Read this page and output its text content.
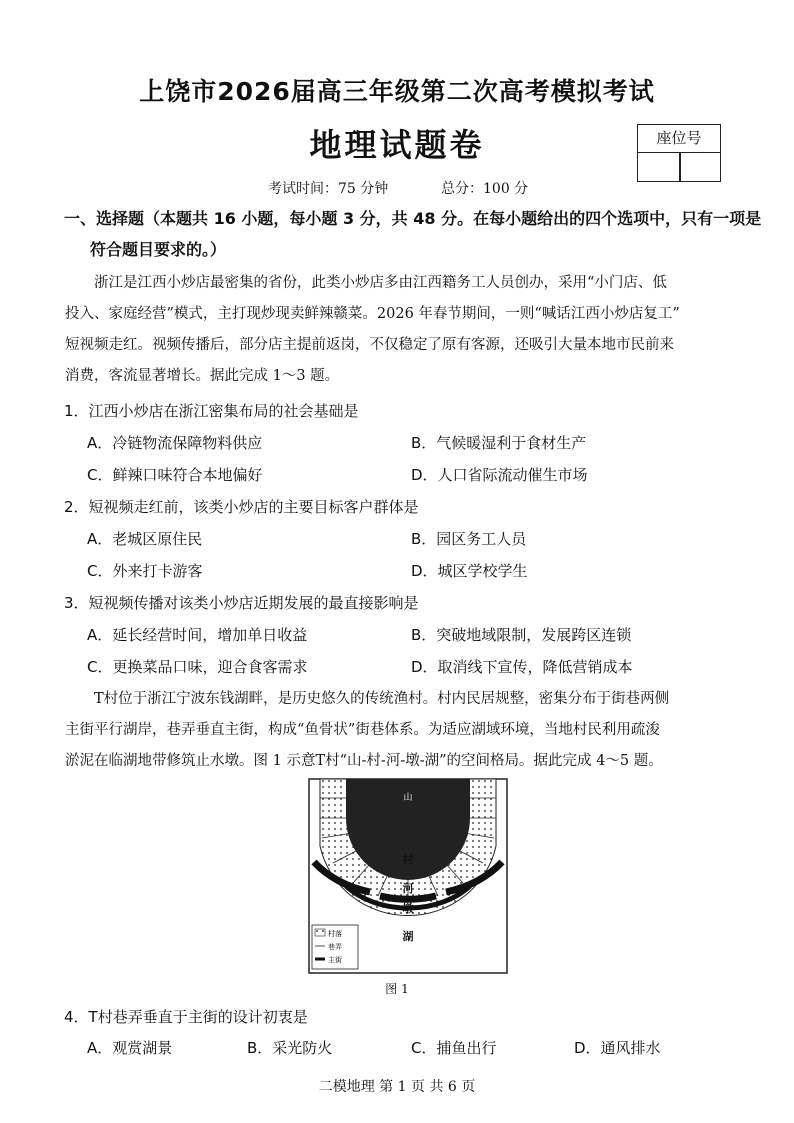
上饶市2026届高三年级第二次高考模拟考试
地理试题卷	座位号
考试时间：75 分钟	总分：100 分
一、选择题（本题共 16 小题，每小题 3 分，共 48 分。在每小题给出的四个选项中，只有一项是
符合题目要求的。）
浙江是江西小炒店最密集的省份，此类小炒店多由江西籍务工人员创办，采用“小门店、低
投入、家庭经营”模式，主打现炒现卖鲜辣赣菜。2026 年春节期间，一则“喊话江西小炒店复工”
短视频走红。视频传播后，部分店主提前返岗，不仅稳定了原有客源，还吸引大量本地市民前来
消费，客流显著增长。据此完成 1～3 题。
1．江西小炒店在浙江密集布局的社会基础是
A．冷链物流保障物料供应	B．气候暖湿利于食材生产
C．鲜辣口味符合本地偏好	D．人口省际流动催生市场
2．短视频走红前，该类小炒店的主要目标客户群体是
A．老城区原住民	B．园区务工人员
C．外来打卡游客	D．城区学校学生
3．短视频传播对该类小炒店近期发展的最直接影响是
A．延长经营时间，增加单日收益	B．突破地域限制，发展跨区连锁
C．更换菜品口味，迎合食客需求	D．取消线下宣传，降低营销成本
T村位于浙江宁波东钱湖畔，是历史悠久的传统渔村。村内民居规整，密集分布于街巷两侧
主街平行湖岸，巷弄垂直主街，构成“鱼骨状”街巷体系。为适应湖域环境，当地村民利用疏浚
淤泥在临湖地带修筑止水墩。图 1 示意T村“山-村-河-墩-湖”的空间格局。据此完成 4～5 题。
山
村
河
墩
湖
村落
巷弄
主街
图 1
4．T村巷弄垂直于主街的设计初衷是
A．观赏湖景	B．采光防火	C．捕鱼出行	D．通风排水
二模地理 第 1 页 共 6 页
